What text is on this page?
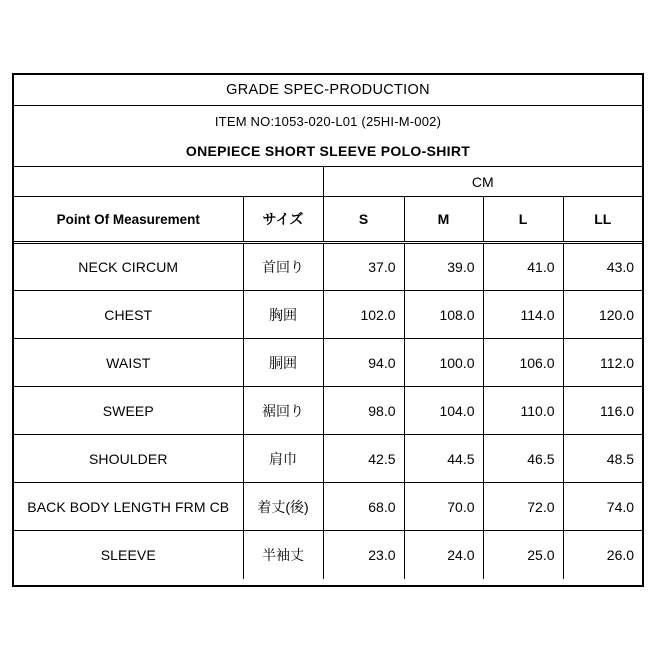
GRADE SPEC-PRODUCTION
ITEM NO:1053-020-L01 (25HI-M-002)
ONEPIECE SHORT SLEEVE POLO-SHIRT
		CM			
Point Of Measurement	サイズ	S	M	L	LL
NECK CIRCUM	首回り	37.0	39.0	41.0	43.0
CHEST	胸囲	102.0	108.0	114.0	120.0
WAIST	胴囲	94.0	100.0	106.0	112.0
SWEEP	裾回り	98.0	104.0	110.0	116.0
SHOULDER	肩巾	42.5	44.5	46.5	48.5
BACK BODY LENGTH FRM CB	着丈(後)	68.0	70.0	72.0	74.0
SLEEVE	半袖丈	23.0	24.0	25.0	26.0
